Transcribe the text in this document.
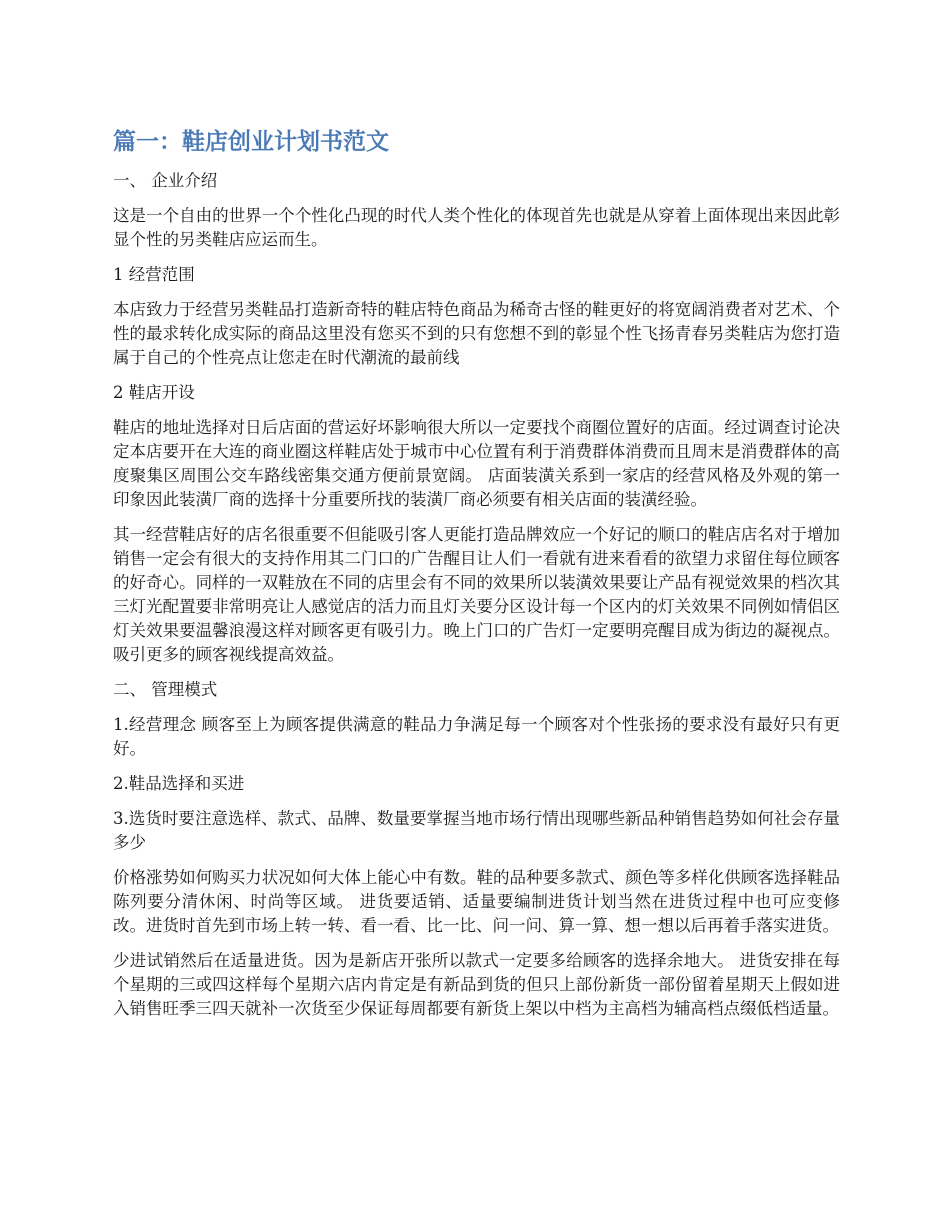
篇一：鞋店创业计划书范文

一、 企业介绍

这是一个自由的世界一个个性化凸现的时代人类个性化的体现首先也就是从穿着上面体现出来因此彰显个性的另类鞋店应运而生。

1 经营范围

本店致力于经营另类鞋品打造新奇特的鞋店特色商品为稀奇古怪的鞋更好的将宽阔消费者对艺术、个性的最求转化成实际的商品这里没有您买不到的只有您想不到的彰显个性飞扬青春另类鞋店为您打造属于自己的个性亮点让您走在时代潮流的最前线

2 鞋店开设

鞋店的地址选择对日后店面的营运好坏影响很大所以一定要找个商圈位置好的店面。经过调查讨论决定本店要开在大连的商业圈这样鞋店处于城市中心位置有利于消费群体消费而且周末是消费群体的高度聚集区周围公交车路线密集交通方便前景宽阔。 店面装潢关系到一家店的经营风格及外观的第一印象因此装潢厂商的选择十分重要所找的装潢厂商必须要有相关店面的装潢经验。

其一经营鞋店好的店名很重要不但能吸引客人更能打造品牌效应一个好记的顺口的鞋店店名对于增加销售一定会有很大的支持作用其二门口的广告醒目让人们一看就有进来看看的欲望力求留住每位顾客的好奇心。同样的一双鞋放在不同的店里会有不同的效果所以装潢效果要让产品有视觉效果的档次其三灯光配置要非常明亮让人感觉店的活力而且灯关要分区设计每一个区内的灯关效果不同例如情侣区灯关效果要温馨浪漫这样对顾客更有吸引力。晚上门口的广告灯一定要明亮醒目成为街边的凝视点。吸引更多的顾客视线提高效益。

二、 管理模式

1.经营理念 顾客至上为顾客提供满意的鞋品力争满足每一个顾客对个性张扬的要求没有最好只有更好。

2.鞋品选择和买进

3.选货时要注意选样、款式、品牌、数量要掌握当地市场行情出现哪些新品种销售趋势如何社会存量多少

价格涨势如何购买力状况如何大体上能心中有数。鞋的品种要多款式、颜色等多样化供顾客选择鞋品陈列要分清休闲、时尚等区域。 进货要适销、适量要编制进货计划当然在进货过程中也可应变修改。进货时首先到市场上转一转、看一看、比一比、问一问、算一算、想一想以后再着手落实进货。

少进试销然后在适量进货。因为是新店开张所以款式一定要多给顾客的选择余地大。 进货安排在每个星期的三或四这样每个星期六店内肯定是有新品到货的但只上部份新货一部份留着星期天上假如进入销售旺季三四天就补一次货至少保证每周都要有新货上架以中档为主高档为辅高档点缀低档适量。
